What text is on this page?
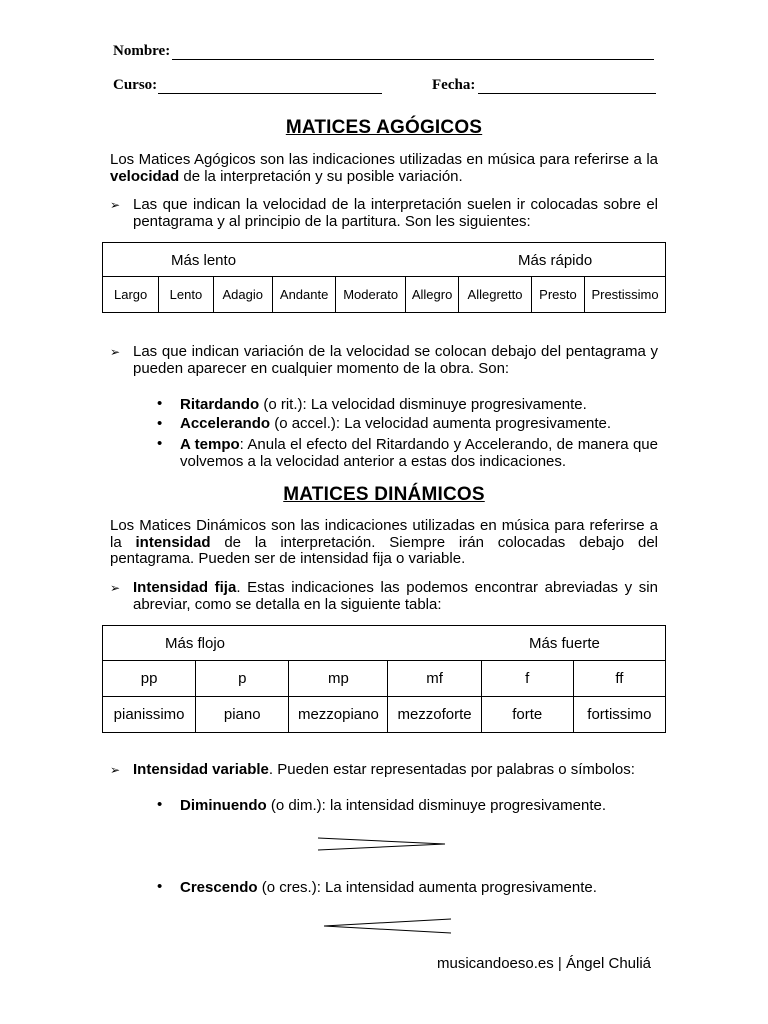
Nombre:
Curso:	Fecha:
MATICES AGÓGICOS
Los Matices Agógicos son las indicaciones utilizadas en música para referirse a la velocidad de la interpretación y su posible variación.
➢ Las que indican la velocidad de la interpretación suelen ir colocadas sobre el pentagrama y al principio de la partitura. Son les siguientes:
Más lento	Más rápido

Largo	Lento	Adagio	Andante	Moderato	Allegro	Allegretto	Presto	Prestissimo
➢ Las que indican variación de la velocidad se colocan debajo del pentagrama y pueden aparecer en cualquier momento de la obra. Son:
• Ritardando (o rit.): La velocidad disminuye progresivamente.
• Accelerando (o accel.): La velocidad aumenta progresivamente.
• A tempo: Anula el efecto del Ritardando y Accelerando, de manera que volvemos a la velocidad anterior a estas dos indicaciones.
MATICES DINÁMICOS
Los Matices Dinámicos son las indicaciones utilizadas en música para referirse a la intensidad de la interpretación. Siempre irán colocadas debajo del pentagrama. Pueden ser de intensidad fija o variable.
➢ Intensidad fija. Estas indicaciones las podemos encontrar abreviadas y sin abreviar, como se detalla en la siguiente tabla:
Más flojo Más fuerte					

pp	p	mp	mf	f	ff
pianissimo	piano	mezzopiano	mezzoforte	forte	fortissimo
➢ Intensidad variable. Pueden estar representadas por palabras o símbolos:
• Diminuendo (o dim.): la intensidad disminuye progresivamente.
• Crescendo (o cres.): La intensidad aumenta progresivamente.
musicandoeso.es | Ángel Chuliá
